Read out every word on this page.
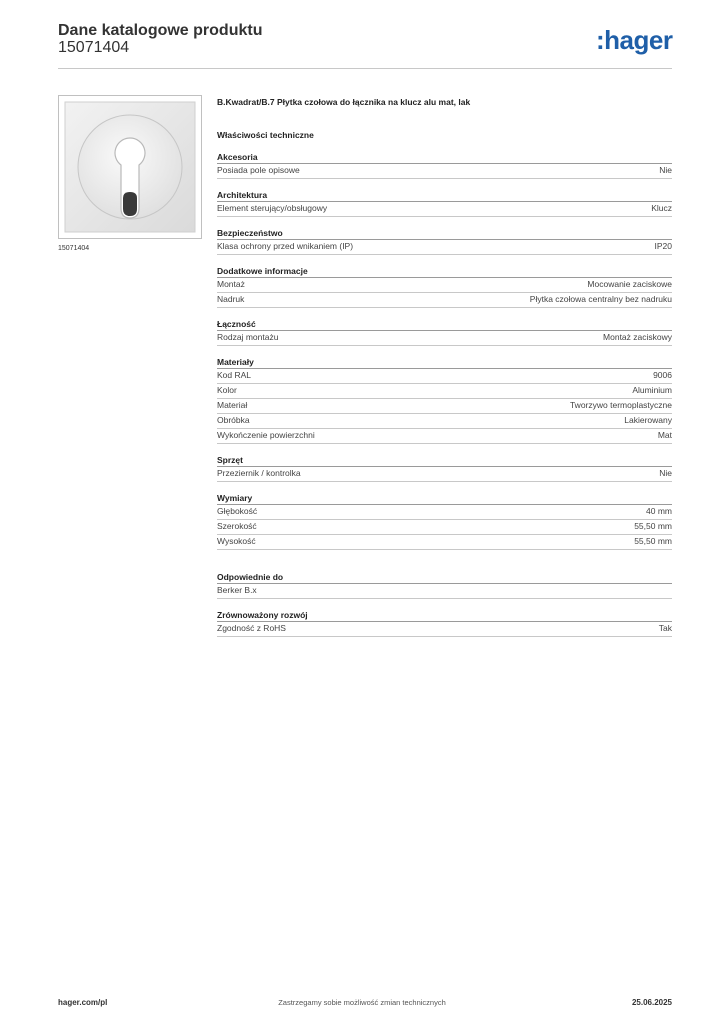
Dane katalogowe produktu
15071404	:hager
15071404
B.Kwadrat/B.7 Płytka czołowa do łącznika na klucz alu mat, lak
Właściwości techniczne
Akcesoria
Posiada pole opisowe	Nie
Architektura
Element sterujący/obsługowy	Klucz
Bezpieczeństwo
Klasa ochrony przed wnikaniem (IP)	IP20
Dodatkowe informacje
Montaż	Mocowanie zaciskowe
Nadruk	Płytka czołowa centralny bez nadruku
Łączność
Rodzaj montażu	Montaż zaciskowy
Materiały
Kod RAL	9006
Kolor	Aluminium
Materiał	Tworzywo termoplastyczne
Obróbka	Lakierowany
Wykończenie powierzchni	Mat
Sprzęt
Przeziernik / kontrolka	Nie
Wymiary
Głębokość	40 mm
Szerokość	55,50 mm
Wysokość	55,50 mm
Odpowiednie do
Berker B.x
Zrównoważony rozwój
Zgodność z RoHS	Tak
hager.com/pl	Zastrzegamy sobie możliwość zmian technicznych	25.06.2025
